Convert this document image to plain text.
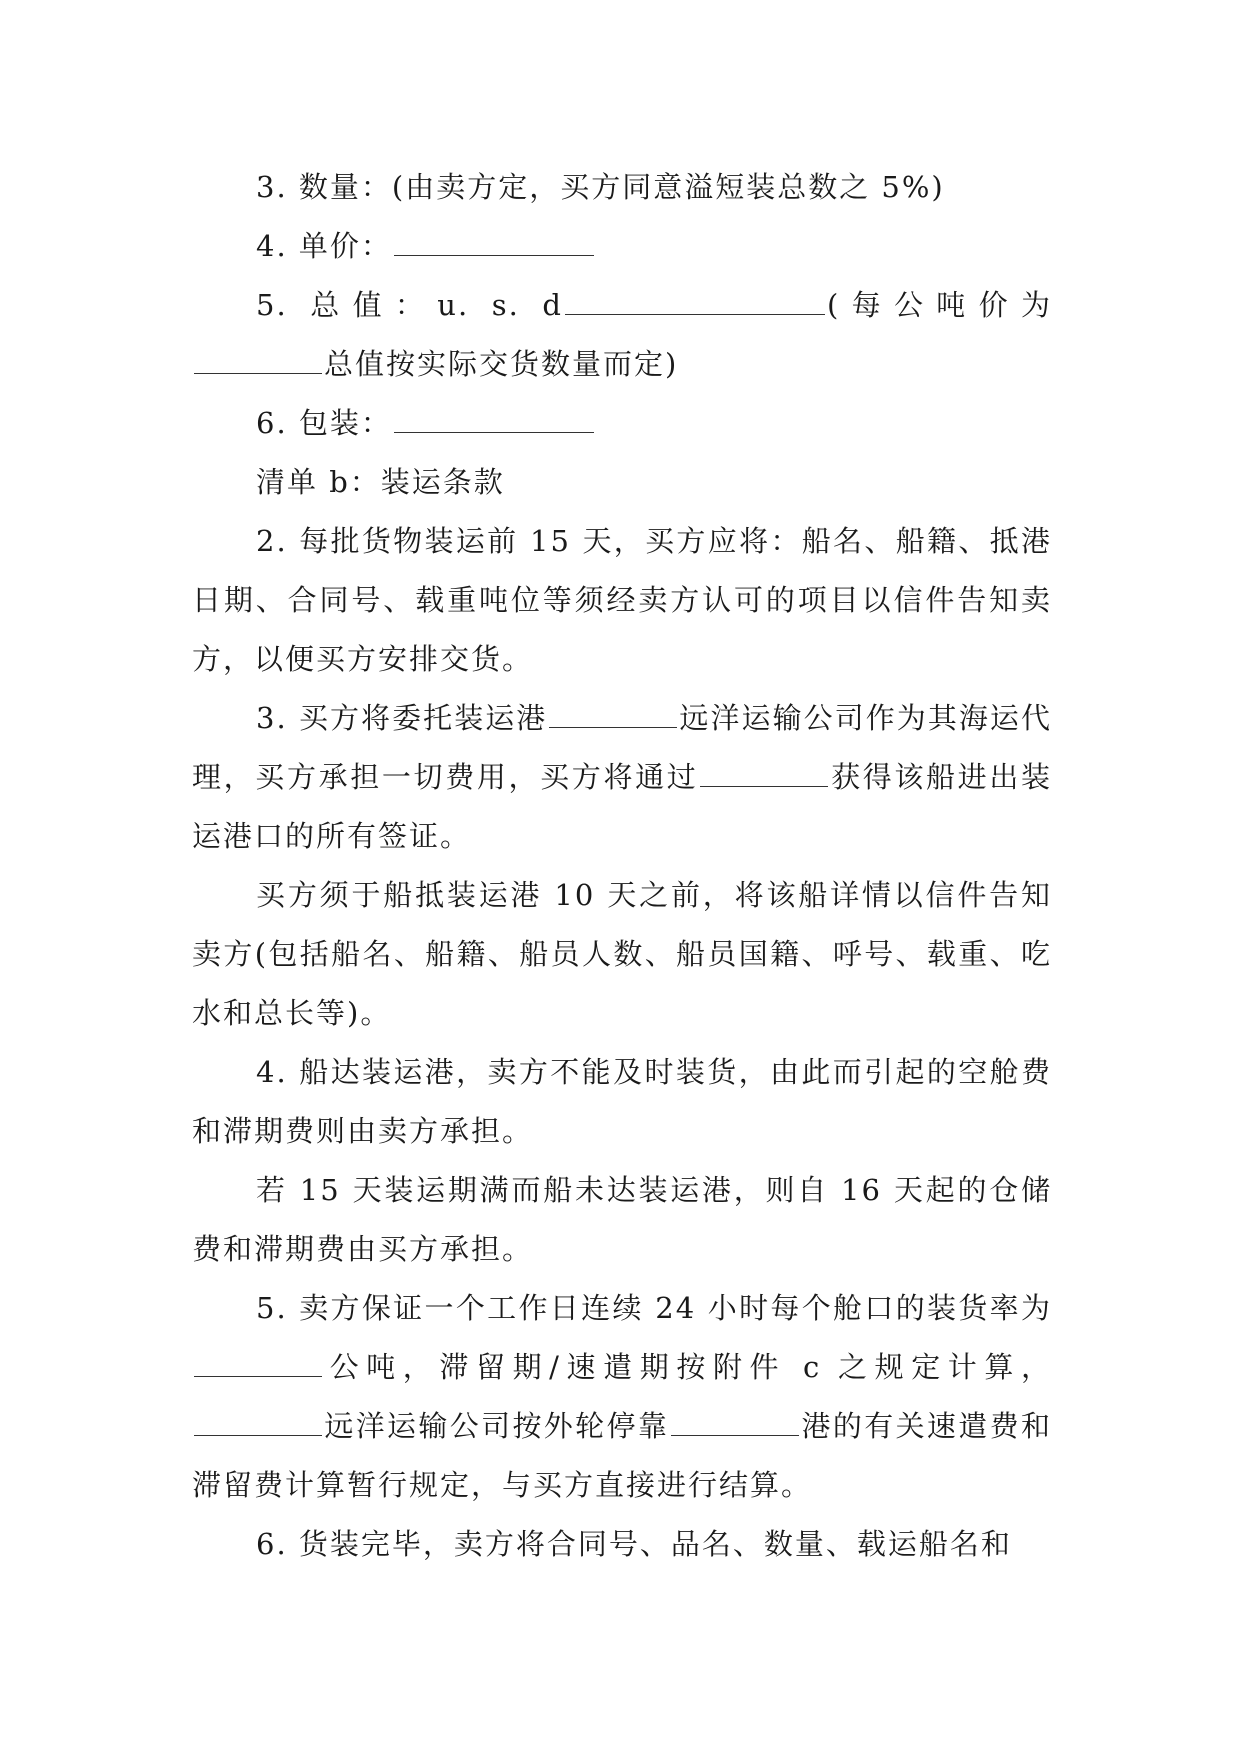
3. 数量：(由卖方定，买方同意溢短装总数之 5%)

4. 单价：

5. 总值：u. s. d	(每公吨价为总值按实际交货数量而定)

6. 包装：

清单 b：装运条款

2. 每批货物装运前 15 天，买方应将：船名、船籍、抵港日期、合同号、载重吨位等须经卖方认可的项目以信件告知卖方，以便买方安排交货。

3. 买方将委托装运港	远洋运输公司作为其海运代理，买方承担一切费用，买方将通过	获得该船进出装运港口的所有签证。

买方须于船抵装运港 10 天之前，将该船详情以信件告知卖方(包括船名、船籍、船员人数、船员国籍、呼号、载重、吃水和总长等)。

4. 船达装运港，卖方不能及时装货，由此而引起的空舱费和滞期费则由卖方承担。

若 15 天装运期满而船未达装运港，则自 16 天起的仓储费和滞期费由买方承担。

5. 卖方保证一个工作日连续 24 小时每个舱口的装货率为公吨，滞留期/速遣期按附件 c 之规定计算，远洋运输公司按外轮停靠	港的有关速遣费和滞留费计算暂行规定，与买方直接进行结算。

6. 货装完毕，卖方将合同号、品名、数量、载运船名和
